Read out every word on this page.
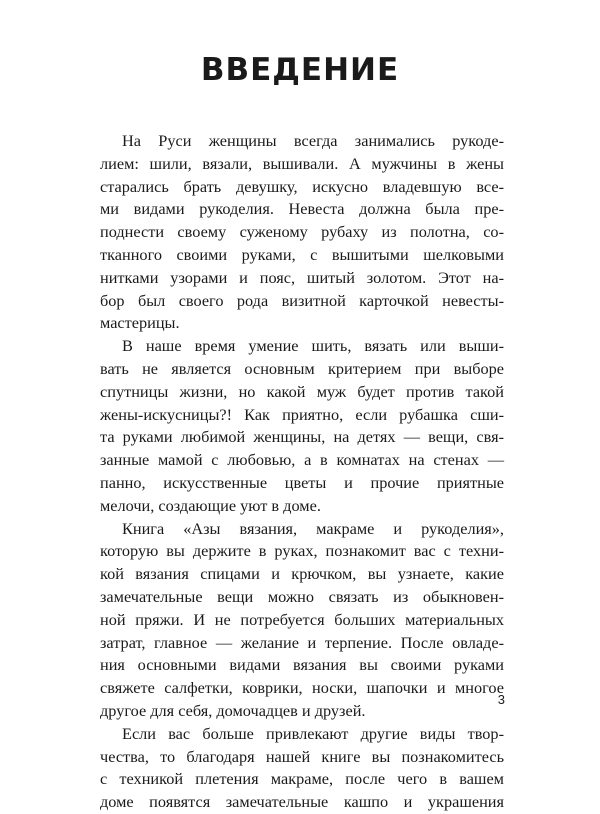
ВВЕДЕНИЕ
На Руси женщины всегда занимались рукоде-
лием: шили, вязали, вышивали. А мужчины в жены
старались брать девушку, искусно владевшую все-
ми видами рукоделия. Невеста должна была пре-
поднести своему суженому рубаху из полотна, со-
тканного своими руками, с вышитыми шелковыми
нитками узорами и пояс, шитый золотом. Этот на-
бор был своего рода визитной карточкой невесты-
мастерицы.
В наше время умение шить, вязать или выши-
вать не является основным критерием при выборе
спутницы жизни, но какой муж будет против такой
жены-искусницы?! Как приятно, если рубашка сши-
та руками любимой женщины, на детях — вещи, свя-
занные мамой с любовью, а в комнатах на стенах —
панно, искусственные цветы и прочие приятные
мелочи, создающие уют в доме.
Книга «Азы вязания, макраме и рукоделия»,
которую вы держите в руках, познакомит вас с техни-
кой вязания спицами и крючком, вы узнаете, какие
замечательные вещи можно связать из обыкновен-
ной пряжи. И не потребуется больших материальных
затрат, главное — желание и терпение. После овладе-
ния основными видами вязания вы своими руками
свяжете салфетки, коврики, носки, шапочки и многое
другое для себя, домочадцев и друзей.
Если вас больше привлекают другие виды твор-
чества, то благодаря нашей книге вы познакомитесь
с техникой плетения макраме, после чего в вашем
доме появятся замечательные кашпо и украшения
3
